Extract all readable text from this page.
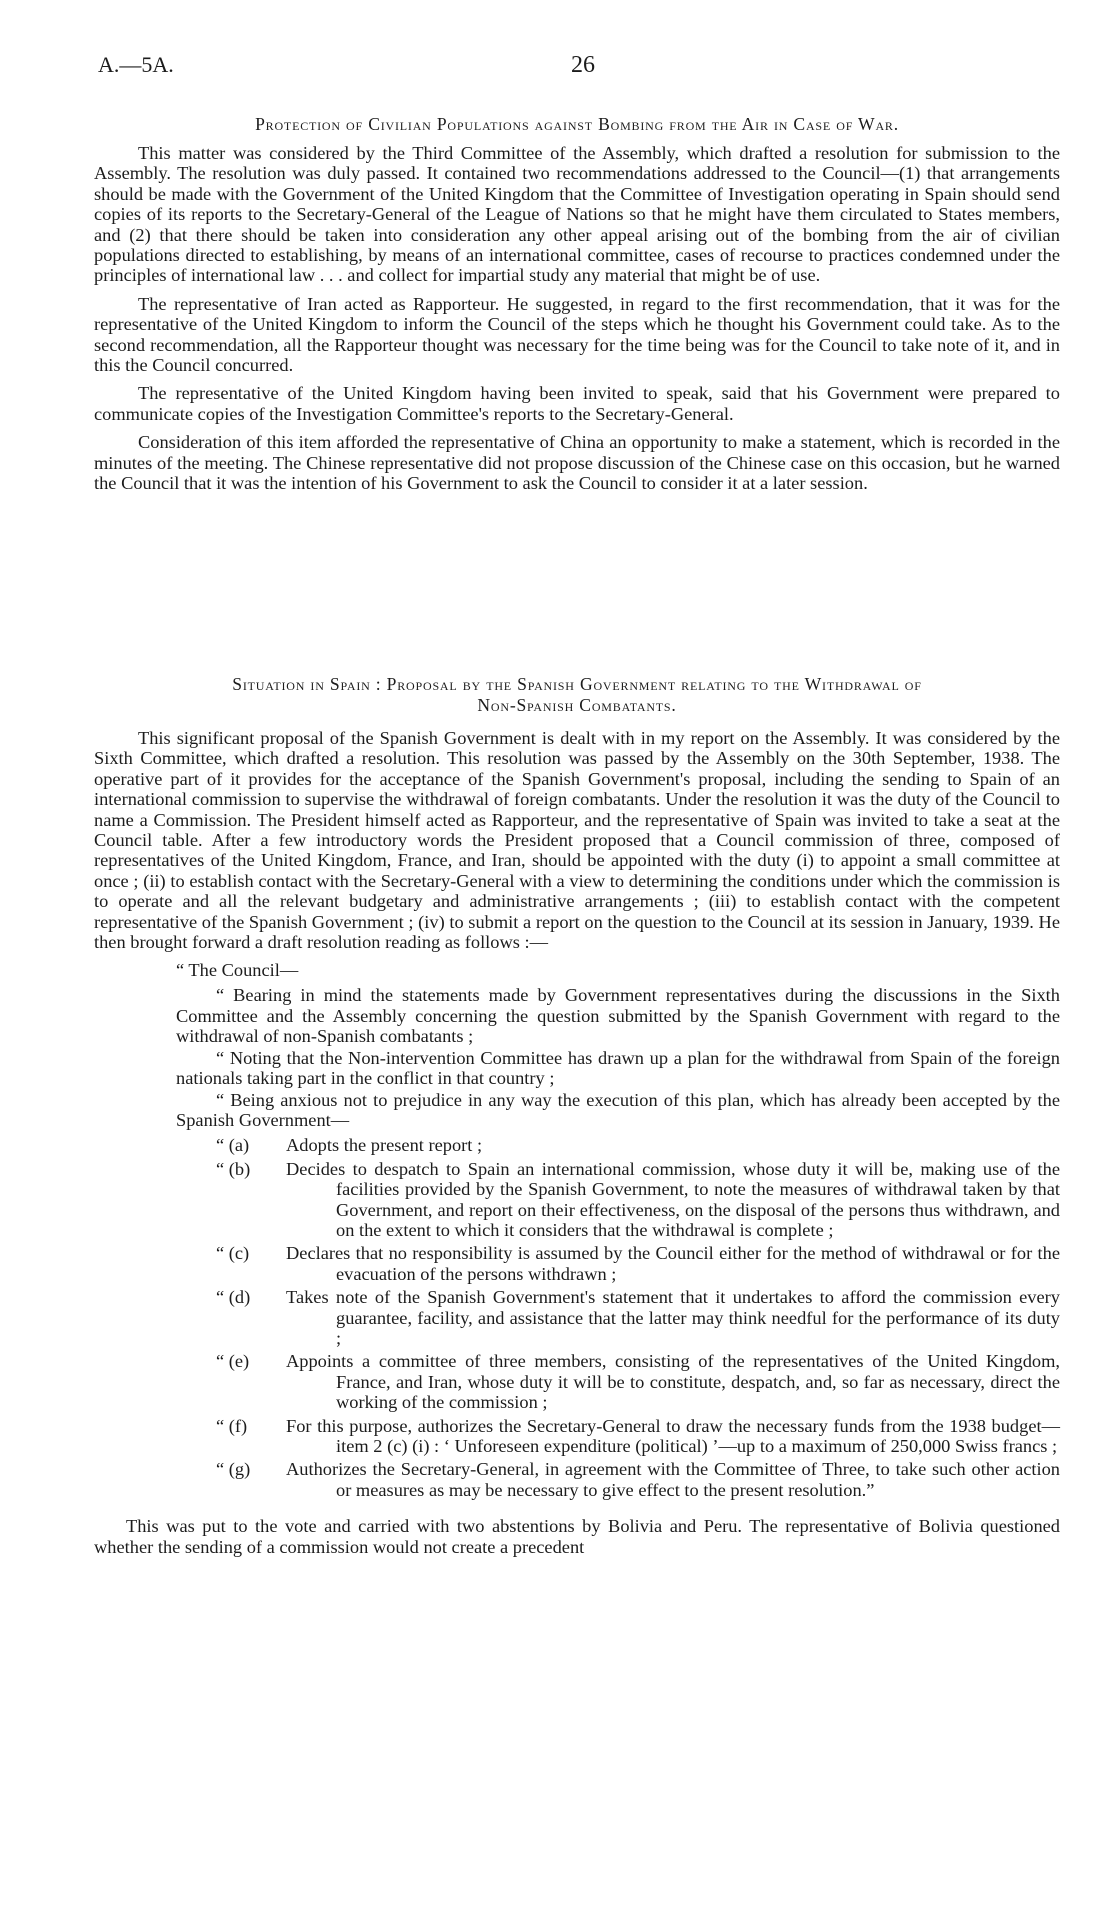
A.—5A.	26
Protection of Civilian Populations against Bombing from the Air in Case of War.

This matter was considered by the Third Committee of the Assembly, which drafted a resolution for submission to the Assembly. The resolution was duly passed. It contained two recommendations addressed to the Council—(1) that arrangements should be made with the Government of the United Kingdom that the Committee of Investigation operating in Spain should send copies of its reports to the Secretary-General of the League of Nations so that he might have them circulated to States members, and (2) that there should be taken into consideration any other appeal arising out of the bombing from the air of civilian populations directed to establishing, by means of an international committee, cases of recourse to practices condemned under the principles of international law . . . and collect for impartial study any material that might be of use.

The representative of Iran acted as Rapporteur. He suggested, in regard to the first recommendation, that it was for the representative of the United Kingdom to inform the Council of the steps which he thought his Government could take. As to the second recommendation, all the Rapporteur thought was necessary for the time being was for the Council to take note of it, and in this the Council concurred.

The representative of the United Kingdom having been invited to speak, said that his Government were prepared to communicate copies of the Investigation Committee's reports to the Secretary-General.

Consideration of this item afforded the representative of China an opportunity to make a statement, which is recorded in the minutes of the meeting. The Chinese representative did not propose discussion of the Chinese case on this occasion, but he warned the Council that it was the intention of his Government to ask the Council to consider it at a later session.

Situation in Spain : Proposal by the Spanish Government relating to the Withdrawal of
Non-Spanish Combatants.

This significant proposal of the Spanish Government is dealt with in my report on the Assembly. It was considered by the Sixth Committee, which drafted a resolution. This resolution was passed by the Assembly on the 30th September, 1938. The operative part of it provides for the acceptance of the Spanish Government's proposal, including the sending to Spain of an international commission to supervise the withdrawal of foreign combatants. Under the resolution it was the duty of the Council to name a Commission. The President himself acted as Rapporteur, and the representative of Spain was invited to take a seat at the Council table. After a few introductory words the President proposed that a Council commission of three, composed of representatives of the United Kingdom, France, and Iran, should be appointed with the duty (i) to appoint a small committee at once ; (ii) to establish contact with the Secretary-General with a view to determining the conditions under which the commission is to operate and all the relevant budgetary and administrative arrangements ; (iii) to establish contact with the competent representative of the Spanish Government ; (iv) to submit a report on the question to the Council at its session in January, 1939. He then brought forward a draft resolution reading as follows :—

“ The Council—
“ Bearing in mind the statements made by Government representatives during the discussions in the Sixth Committee and the Assembly concerning the question submitted by the Spanish Government with regard to the withdrawal of non-Spanish combatants ;
“ Noting that the Non-intervention Committee has drawn up a plan for the withdrawal from Spain of the foreign nationals taking part in the conflict in that country ;
“ Being anxious not to prejudice in any way the execution of this plan, which has already been accepted by the Spanish Government—
“ (a) Adopts the present report ;
“ (b) Decides to despatch to Spain an international commission, whose duty it will be, making use of the facilities provided by the Spanish Government, to note the measures of withdrawal taken by that Government, and report on their effectiveness, on the disposal of the persons thus withdrawn, and on the extent to which it considers that the withdrawal is complete ;
“ (c) Declares that no responsibility is assumed by the Council either for the method of withdrawal or for the evacuation of the persons withdrawn ;
“ (d) Takes note of the Spanish Government's statement that it undertakes to afford the commission every guarantee, facility, and assistance that the latter may think needful for the performance of its duty ;
“ (e) Appoints a committee of three members, consisting of the representatives of the United Kingdom, France, and Iran, whose duty it will be to constitute, despatch, and, so far as necessary, direct the working of the commission ;
“ (f) For this purpose, authorizes the Secretary-General to draw the necessary funds from the 1938 budget—item 2 (c) (i) : ‘ Unforeseen expenditure (political) ’—up to a maximum of 250,000 Swiss francs ;
“ (g) Authorizes the Secretary-General, in agreement with the Committee of Three, to take such other action or measures as may be necessary to give effect to the present resolution.”

This was put to the vote and carried with two abstentions by Bolivia and Peru. The representative of Bolivia questioned whether the sending of a commission would not create a precedent
